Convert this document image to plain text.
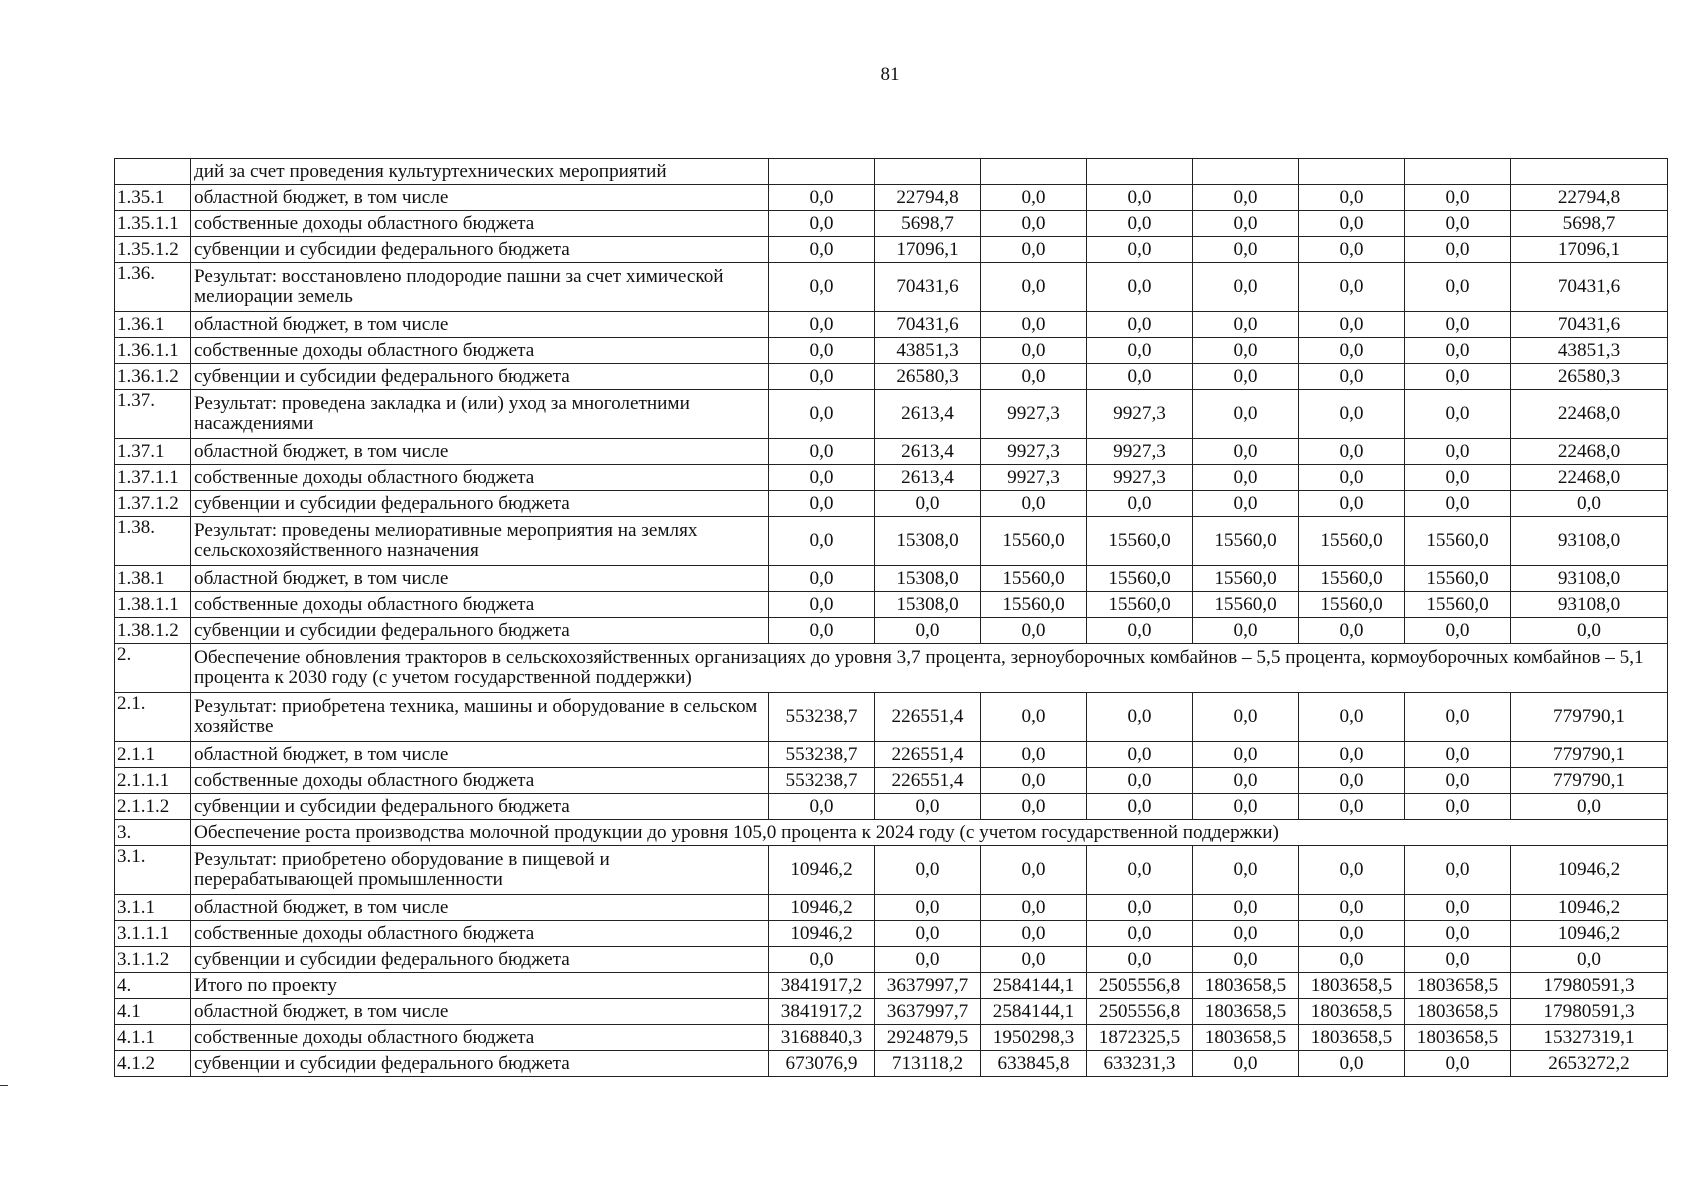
81
	дий за счет проведения культуртехнических мероприятий								
1.35.1	областной бюджет, в том числе	0,0	22794,8	0,0	0,0	0,0	0,0	0,0	22794,8
1.35.1.1	собственные доходы областного бюджета	0,0	5698,7	0,0	0,0	0,0	0,0	0,0	5698,7
1.35.1.2	субвенции и субсидии федерального бюджета	0,0	17096,1	0,0	0,0	0,0	0,0	0,0	17096,1
1.36.	Результат: восстановлено плодородие пашни за счет химической мелиорации земель	0,0	70431,6	0,0	0,0	0,0	0,0	0,0	70431,6
1.36.1	областной бюджет, в том числе	0,0	70431,6	0,0	0,0	0,0	0,0	0,0	70431,6
1.36.1.1	собственные доходы областного бюджета	0,0	43851,3	0,0	0,0	0,0	0,0	0,0	43851,3
1.36.1.2	субвенции и субсидии федерального бюджета	0,0	26580,3	0,0	0,0	0,0	0,0	0,0	26580,3
1.37.	Результат: проведена закладка и (или) уход за многолетними насаждениями	0,0	2613,4	9927,3	9927,3	0,0	0,0	0,0	22468,0
1.37.1	областной бюджет, в том числе	0,0	2613,4	9927,3	9927,3	0,0	0,0	0,0	22468,0
1.37.1.1	собственные доходы областного бюджета	0,0	2613,4	9927,3	9927,3	0,0	0,0	0,0	22468,0
1.37.1.2	субвенции и субсидии федерального бюджета	0,0	0,0	0,0	0,0	0,0	0,0	0,0	0,0
1.38.	Результат: проведены мелиоративные мероприятия на землях сельскохозяйственного назначения	0,0	15308,0	15560,0	15560,0	15560,0	15560,0	15560,0	93108,0
1.38.1	областной бюджет, в том числе	0,0	15308,0	15560,0	15560,0	15560,0	15560,0	15560,0	93108,0
1.38.1.1	собственные доходы областного бюджета	0,0	15308,0	15560,0	15560,0	15560,0	15560,0	15560,0	93108,0
1.38.1.2	субвенции и субсидии федерального бюджета	0,0	0,0	0,0	0,0	0,0	0,0	0,0	0,0
2.	Обеспечение обновления тракторов в сельскохозяйственных организациях до уровня 3,7 процента, зерноуборочных комбайнов – 5,5 процента, кормоуборочных комбайнов – 5,1 процента к 2030 году (с учетом государственной поддержки)								
2.1.	Результат: приобретена техника, машины и оборудование в сельском хозяйстве	553238,7	226551,4	0,0	0,0	0,0	0,0	0,0	779790,1
2.1.1	областной бюджет, в том числе	553238,7	226551,4	0,0	0,0	0,0	0,0	0,0	779790,1
2.1.1.1	собственные доходы областного бюджета	553238,7	226551,4	0,0	0,0	0,0	0,0	0,0	779790,1
2.1.1.2	субвенции и субсидии федерального бюджета	0,0	0,0	0,0	0,0	0,0	0,0	0,0	0,0
3.	Обеспечение роста производства молочной продукции до уровня 105,0 процента к 2024 году (с учетом государственной поддержки)								
3.1.	Результат: приобретено оборудование в пищевой и перерабатывающей промышленности	10946,2	0,0	0,0	0,0	0,0	0,0	0,0	10946,2
3.1.1	областной бюджет, в том числе	10946,2	0,0	0,0	0,0	0,0	0,0	0,0	10946,2
3.1.1.1	собственные доходы областного бюджета	10946,2	0,0	0,0	0,0	0,0	0,0	0,0	10946,2
3.1.1.2	субвенции и субсидии федерального бюджета	0,0	0,0	0,0	0,0	0,0	0,0	0,0	0,0
4.	Итого по проекту	3841917,2	3637997,7	2584144,1	2505556,8	1803658,5	1803658,5	1803658,5	17980591,3
4.1	областной бюджет, в том числе	3841917,2	3637997,7	2584144,1	2505556,8	1803658,5	1803658,5	1803658,5	17980591,3
4.1.1	собственные доходы областного бюджета	3168840,3	2924879,5	1950298,3	1872325,5	1803658,5	1803658,5	1803658,5	15327319,1
4.1.2	субвенции и субсидии федерального бюджета	673076,9	713118,2	633845,8	633231,3	0,0	0,0	0,0	2653272,2
